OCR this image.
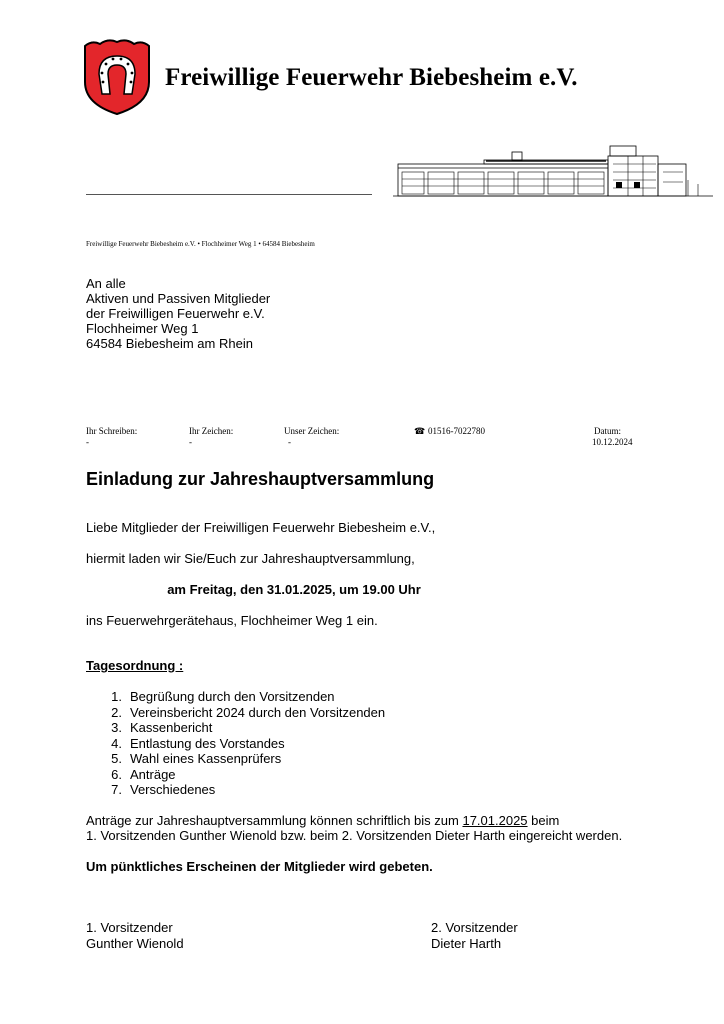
Freiwillige Feuerwehr Biebesheim e.V.
Freiwillige Feuerwehr Biebesheim e.V. • Flochheimer Weg 1 • 64584 Biebesheim
An alle
Aktiven und Passiven Mitglieder
der Freiwilligen Feuerwehr e.V.
Flochheimer Weg 1
64584 Biebesheim am Rhein
Ihr Schreiben:
-
Ihr Zeichen:
-
Unser Zeichen:
-
☎ 01516-7022780	Datum:
10.12.2024
Einladung zur Jahreshauptversammlung
Liebe Mitglieder der Freiwilligen Feuerwehr Biebesheim e.V.,
hiermit laden wir Sie/Euch zur Jahreshauptversammlung,
am Freitag, den 31.01.2025, um 19.00 Uhr
ins Feuerwehrgerätehaus, Flochheimer Weg 1 ein.
Tagesordnung :
1. Begrüßung durch den Vorsitzenden
2. Vereinsbericht 2024 durch den Vorsitzenden
3. Kassenbericht
4. Entlastung des Vorstandes
5. Wahl eines Kassenprüfers
6. Anträge
7. Verschiedenes
Anträge zur Jahreshauptversammlung können schriftlich bis zum 17.01.2025 beim
1. Vorsitzenden Gunther Wienold bzw. beim 2. Vorsitzenden Dieter Harth eingereicht werden.
Um pünktliches Erscheinen der Mitglieder wird gebeten.
1. Vorsitzender
Gunther Wienold
2. Vorsitzender
Dieter Harth
